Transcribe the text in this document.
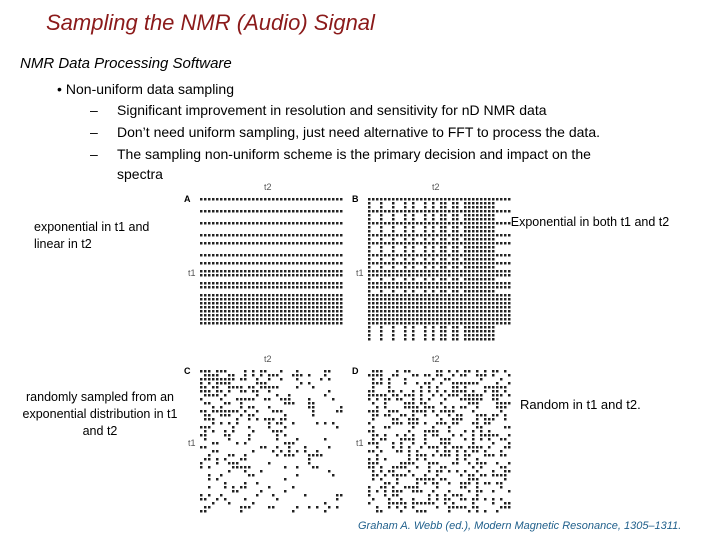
Sampling the NMR (Audio) Signal
NMR Data Processing Software
• Non-uniform data sampling
– Significant improvement in resolution and sensitivity for nD NMR data
– Don’t need uniform sampling, just need alternative to FFT to process the data.
– The sampling non-uniform scheme is the primary decision and impact on the
spectra
A
t2
t1
B
t2
t1
C
t2
t1
D
t2
t1
exponential in t1 and linear in t2
Exponential in both t1 and t2
randomly sampled from an exponential distribution in t1 and t2
Random in t1 and t2.
Graham A. Webb (ed.), Modern Magnetic Resonance, 1305–1311.
